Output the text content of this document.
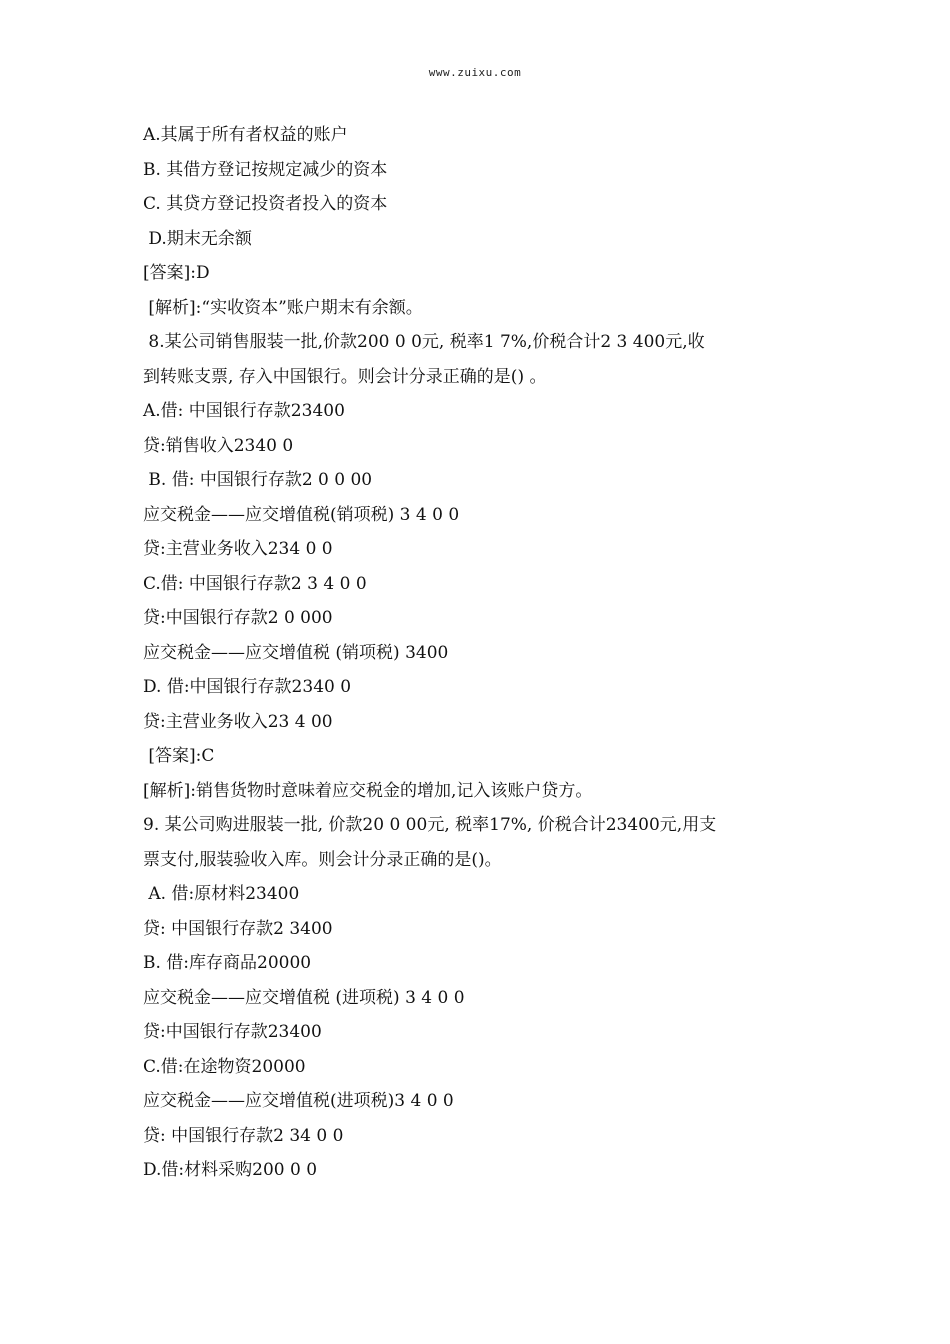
www.zuixu.com
A.其属于所有者权益的账户
B. 其借方登记按规定减少的资本
C. 其贷方登记投资者投入的资本
D.期末无余额
[答案]:D
[解析]:“实收资本”账户期末有余额。
8.某公司销售服装一批,价款200 0 0元, 税率1 7%,价税合计2 3 400元,收
到转账支票, 存入中国银行。则会计分录正确的是() 。
A.借: 中国银行存款23400
贷:销售收入2340 0
B. 借: 中国银行存款2 0 0 00
应交税金——应交增值税(销项税) 3 4 0 0
贷:主营业务收入234 0 0
C.借: 中国银行存款2 3 4 0 0
贷:中国银行存款2 0 000
应交税金——应交增值税 (销项税) 3400
D. 借:中国银行存款2340 0
贷:主营业务收入23 4 00
[答案]:C
[解析]:销售货物时意味着应交税金的增加,记入该账户贷方。
9. 某公司购进服装一批, 价款20 0 00元, 税率17%, 价税合计23400元,用支
票支付,服装验收入库。则会计分录正确的是()。
A. 借:原材料23400
贷: 中国银行存款2 3400
B. 借:库存商品20000
应交税金——应交增值税 (进项税) 3 4 0 0
贷:中国银行存款23400
C.借:在途物资20000
应交税金——应交增值税(进项税)3 4 0 0
贷: 中国银行存款2 34 0 0
D.借:材料采购200 0 0
